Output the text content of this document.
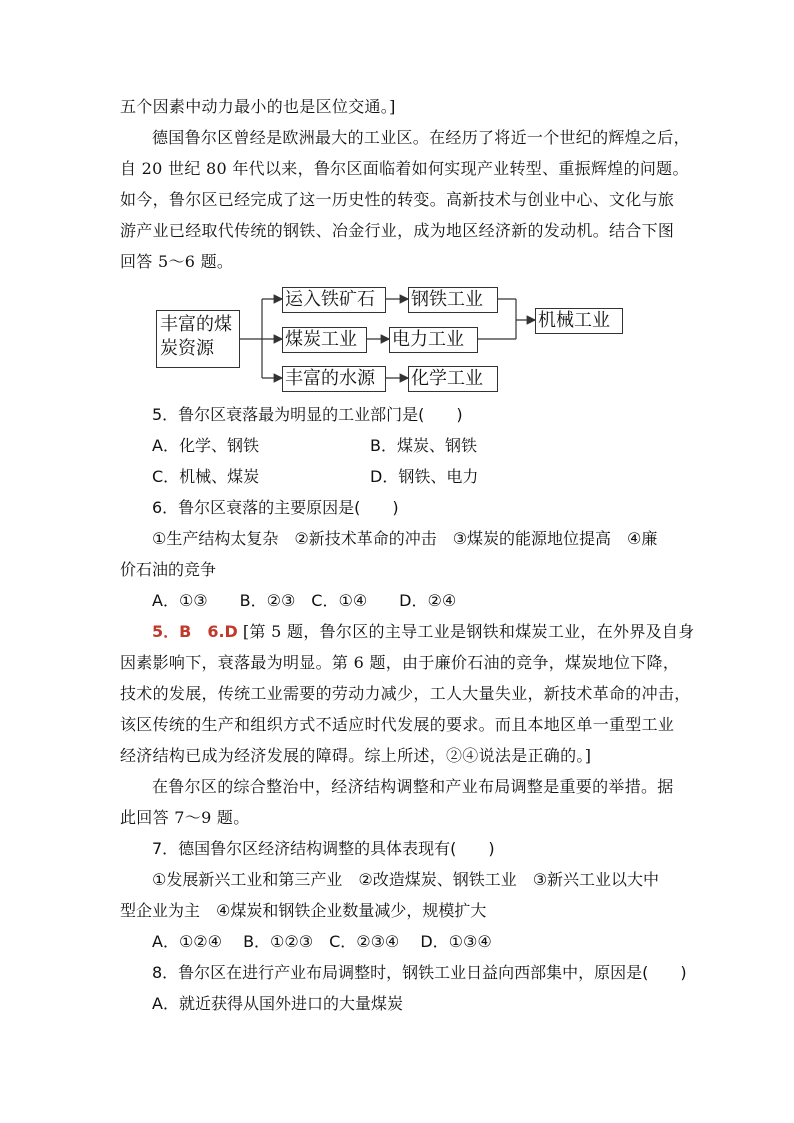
五个因素中动力最小的也是区位交通。]
德国鲁尔区曾经是欧洲最大的工业区。在经历了将近一个世纪的辉煌之后，
自 20 世纪 80 年代以来，鲁尔区面临着如何实现产业转型、重振辉煌的问题。
如今，鲁尔区已经完成了这一历史性的转变。高新技术与创业中心、文化与旅
游产业已经取代传统的钢铁、冶金行业，成为地区经济新的发动机。结合下图
回答 5～6 题。
丰富的煤
炭资源
运入铁矿石	钢铁工业
煤炭工业	电力工业
丰富的水源	化学工业
机械工业
5．鲁尔区衰落最为明显的工业部门是(　　)
A．化学、钢铁	B．煤炭、钢铁
C．机械、煤炭	D．钢铁、电力
6．鲁尔区衰落的主要原因是(　　)
①生产结构太复杂　②新技术革命的冲击　③煤炭的能源地位提高　④廉
价石油的竞争
A．①③　　B．②③　C．①④　　D．②④
5．B　6.D [第 5 题，鲁尔区的主导工业是钢铁和煤炭工业，在外界及自身
因素影响下，衰落最为明显。第 6 题，由于廉价石油的竞争，煤炭地位下降，
技术的发展，传统工业需要的劳动力减少，工人大量失业，新技术革命的冲击，
该区传统的生产和组织方式不适应时代发展的要求。而且本地区单一重型工业
经济结构已成为经济发展的障碍。综上所述，②④说法是正确的。]
在鲁尔区的综合整治中，经济结构调整和产业布局调整是重要的举措。据
此回答 7～9 题。
7．德国鲁尔区经济结构调整的具体表现有(　　)
①发展新兴工业和第三产业　②改造煤炭、钢铁工业　③新兴工业以大中
型企业为主　④煤炭和钢铁企业数量减少，规模扩大
A．①②④　 B．①②③　C．②③④　 D．①③④
8．鲁尔区在进行产业布局调整时，钢铁工业日益向西部集中，原因是(　　)
A．就近获得从国外进口的大量煤炭
